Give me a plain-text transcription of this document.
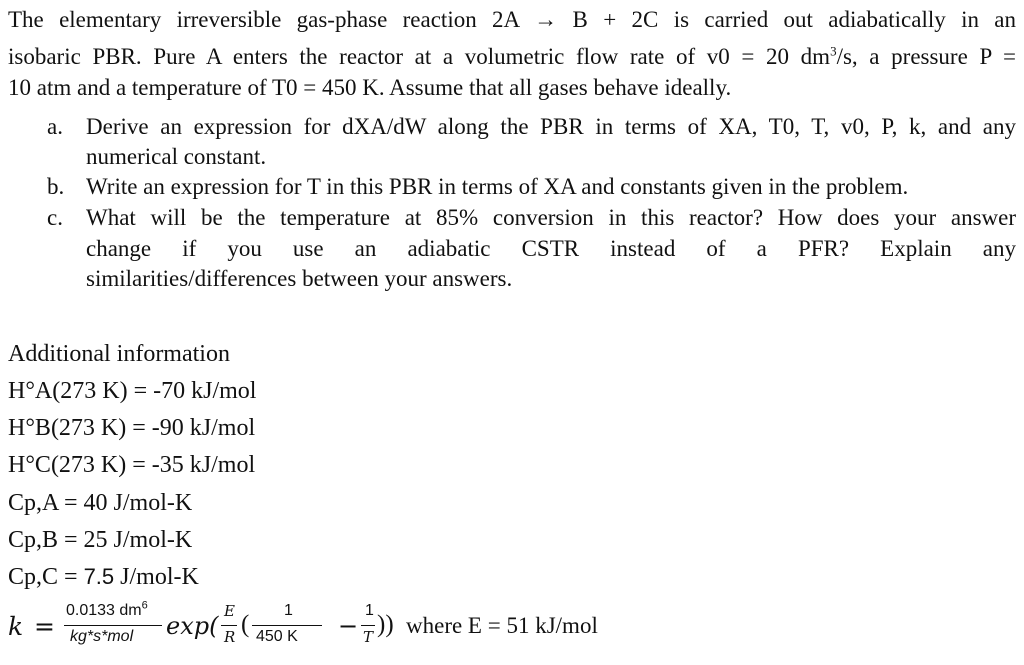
The elementary irreversible gas-phase reaction 2A → B + 2C is carried out adiabatically in an
isobaric PBR. Pure A enters the reactor at a volumetric flow rate of v0 = 20 $dm^3/s$, a pressure P =
10 atm and a temperature of T0 = 450 K. Assume that all gases behave ideally.
a. Derive an expression for dXA/dW along the PBR in terms of XA, T0, T, v0, P, k, and any
numerical constant.
b. Write an expression for T in this PBR in terms of XA and constants given in the problem.
c. What will be the temperature at 85% conversion in this reactor? How does your answer
change if you use an adiabatic CSTR instead of a PFR? Explain any
similarities/differences between your answers.
Additional information
H°A(273 K) = -70 kJ/mol
H°B(273 K) = -90 kJ/mol
H°C(273 K) = -35 kJ/mol
Cp,A = 40 J/mol-K
Cp,B = 25 J/mol-K
Cp,C = 7.5 J/mol-K
k =
0.0133 $dm^6$
kg*s*mol exp(
E
R (
1
450 K −
1
T )) where E = 51 kJ/mol
